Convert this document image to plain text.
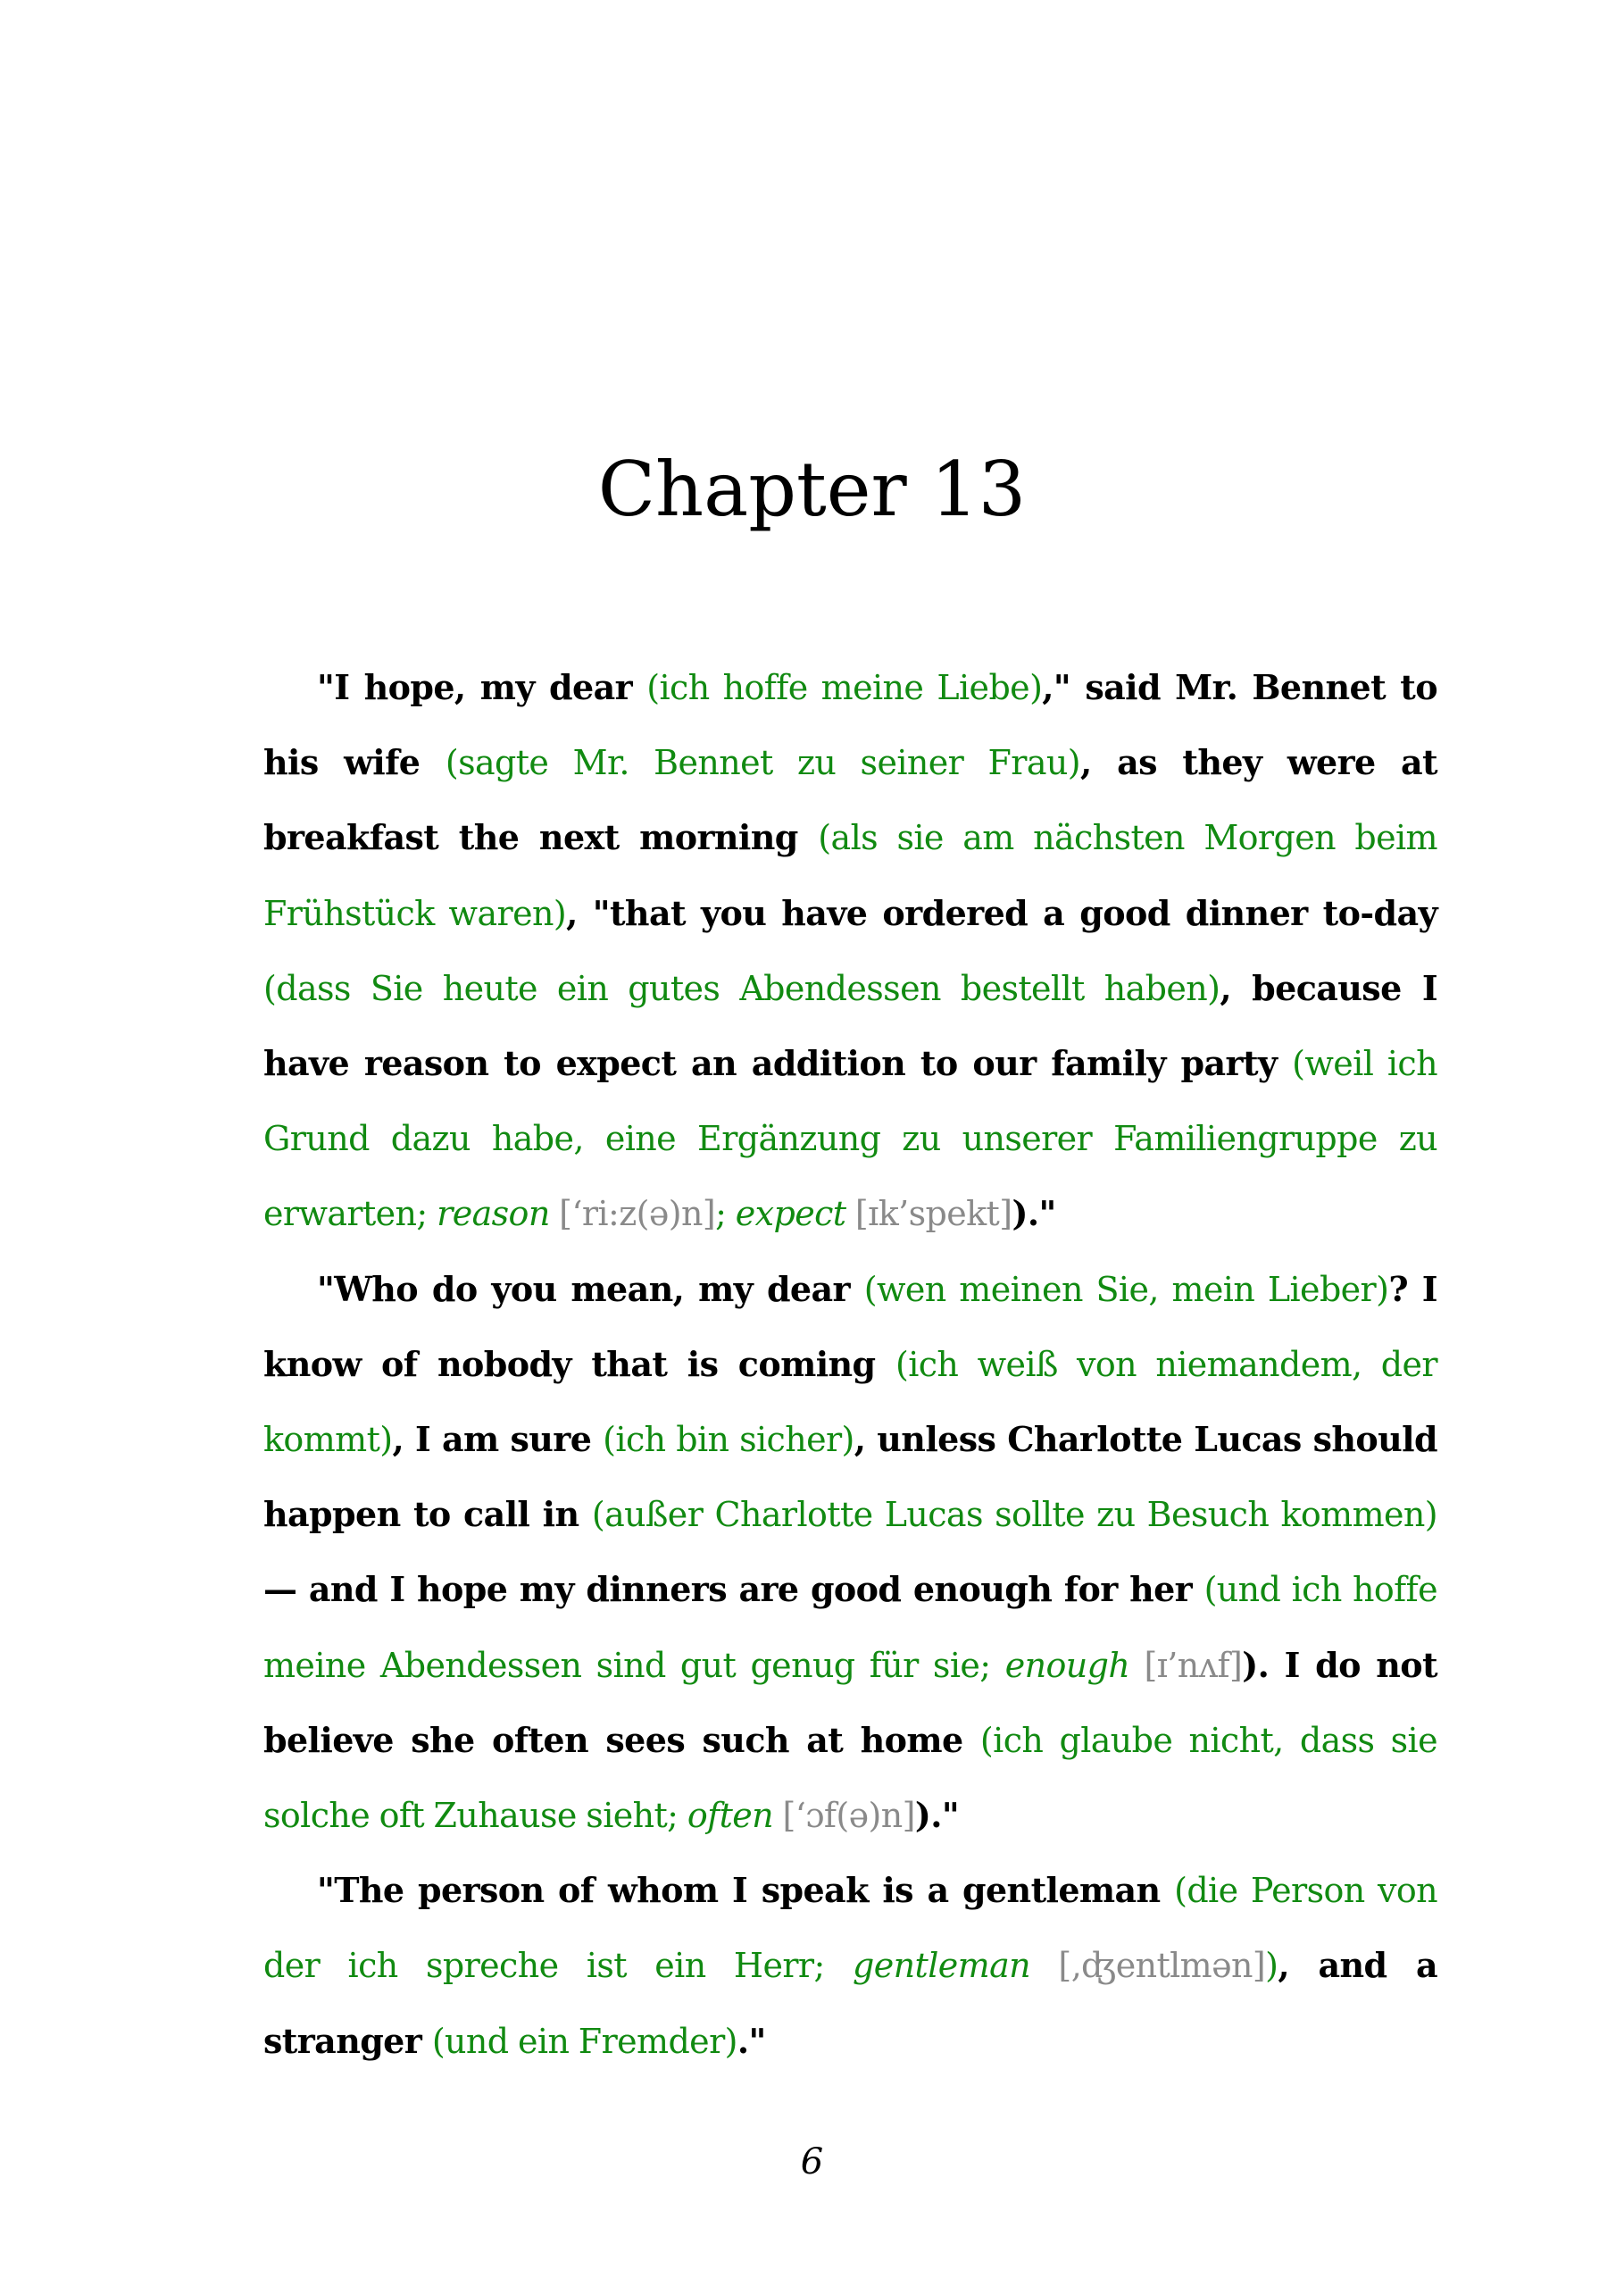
Chapter 13

"I hope, my dear (ich hoffe meine Liebe)," said Mr. Bennet to his wife (sagte Mr. Bennet zu seiner Frau), as they were at breakfast the next morning (als sie am nächsten Morgen beim Frühstück waren), "that you have ordered a good dinner to-day (dass Sie heute ein gutes Abendessen bestellt haben), because I have reason to expect an addition to our family party (weil ich Grund dazu habe, eine Ergänzung zu unserer Familiengruppe zu erwarten; reason [‘ri:z(ə)n]; expect [ɪk’spekt])."

"Who do you mean, my dear (wen meinen Sie, mein Lieber)? I know of nobody that is coming (ich weiß von niemandem, der kommt), I am sure (ich bin sicher), unless Charlotte Lucas should happen to call in (außer Charlotte Lucas sollte zu Besuch kommen) — and I hope my dinners are good enough for her (und ich hoffe meine Abendessen sind gut genug für sie; enough [ɪ’nʌf]). I do not believe she often sees such at home (ich glaube nicht, dass sie solche oft Zuhause sieht; often [‘ɔf(ə)n])."

"The person of whom I speak is a gentleman (die Person von der ich spreche ist ein Herr; gentleman [‚ʤentlmən]), and a stranger (und ein Fremder)."

6
